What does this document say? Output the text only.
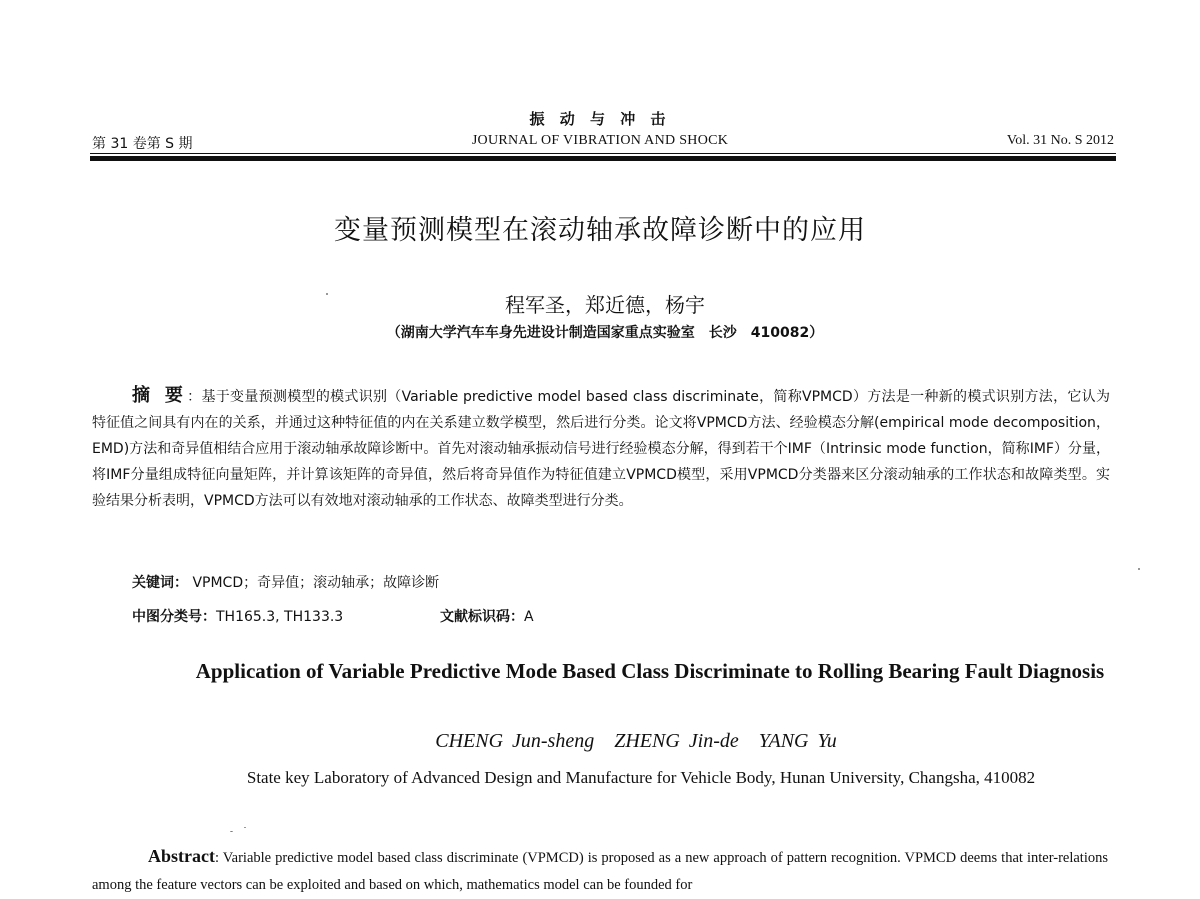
振 动 与 冲 击
第 31 卷第 S 期	JOURNAL OF VIBRATION AND SHOCK	Vol. 31 No. S 2012
变量预测模型在滚动轴承故障诊断中的应用
程军圣，郑近德，杨宇
（湖南大学汽车车身先进设计制造国家重点实验室　长沙　410082）
摘 要：基于变量预测模型的模式识别（Variable predictive model based class discriminate，简称VPMCD）方法是一种新的模式识别方法，它认为特征值之间具有内在的关系，并通过这种特征值的内在关系建立数学模型，然后进行分类。论文将VPMCD方法、经验模态分解(empirical mode decomposition，EMD)方法和奇异值相结合应用于滚动轴承故障诊断中。首先对滚动轴承振动信号进行经验模态分解，得到若干个IMF（Intrinsic mode function，简称IMF）分量，将IMF分量组成特征向量矩阵，并计算该矩阵的奇异值，然后将奇异值作为特征值建立VPMCD模型，采用VPMCD分类器来区分滚动轴承的工作状态和故障类型。实验结果分析表明，VPMCD方法可以有效地对滚动轴承的工作状态、故障类型进行分类。
关键词： VPMCD；奇异值；滚动轴承；故障诊断
中图分类号：TH165.3, TH133.3	文献标识码：A
Application of Variable Predictive Mode Based Class Discriminate to Rolling Bearing Fault Diagnosis
CHENG Jun-sheng　ZHENG Jin-de　YANG Yu
State key Laboratory of Advanced Design and Manufacture for Vehicle Body, Hunan University, Changsha, 410082
Abstract: Variable predictive model based class discriminate (VPMCD) is proposed as a new approach of pattern recognition. VPMCD deems that inter-relations among the feature vectors can be exploited and based on which, mathematics model can be founded for
